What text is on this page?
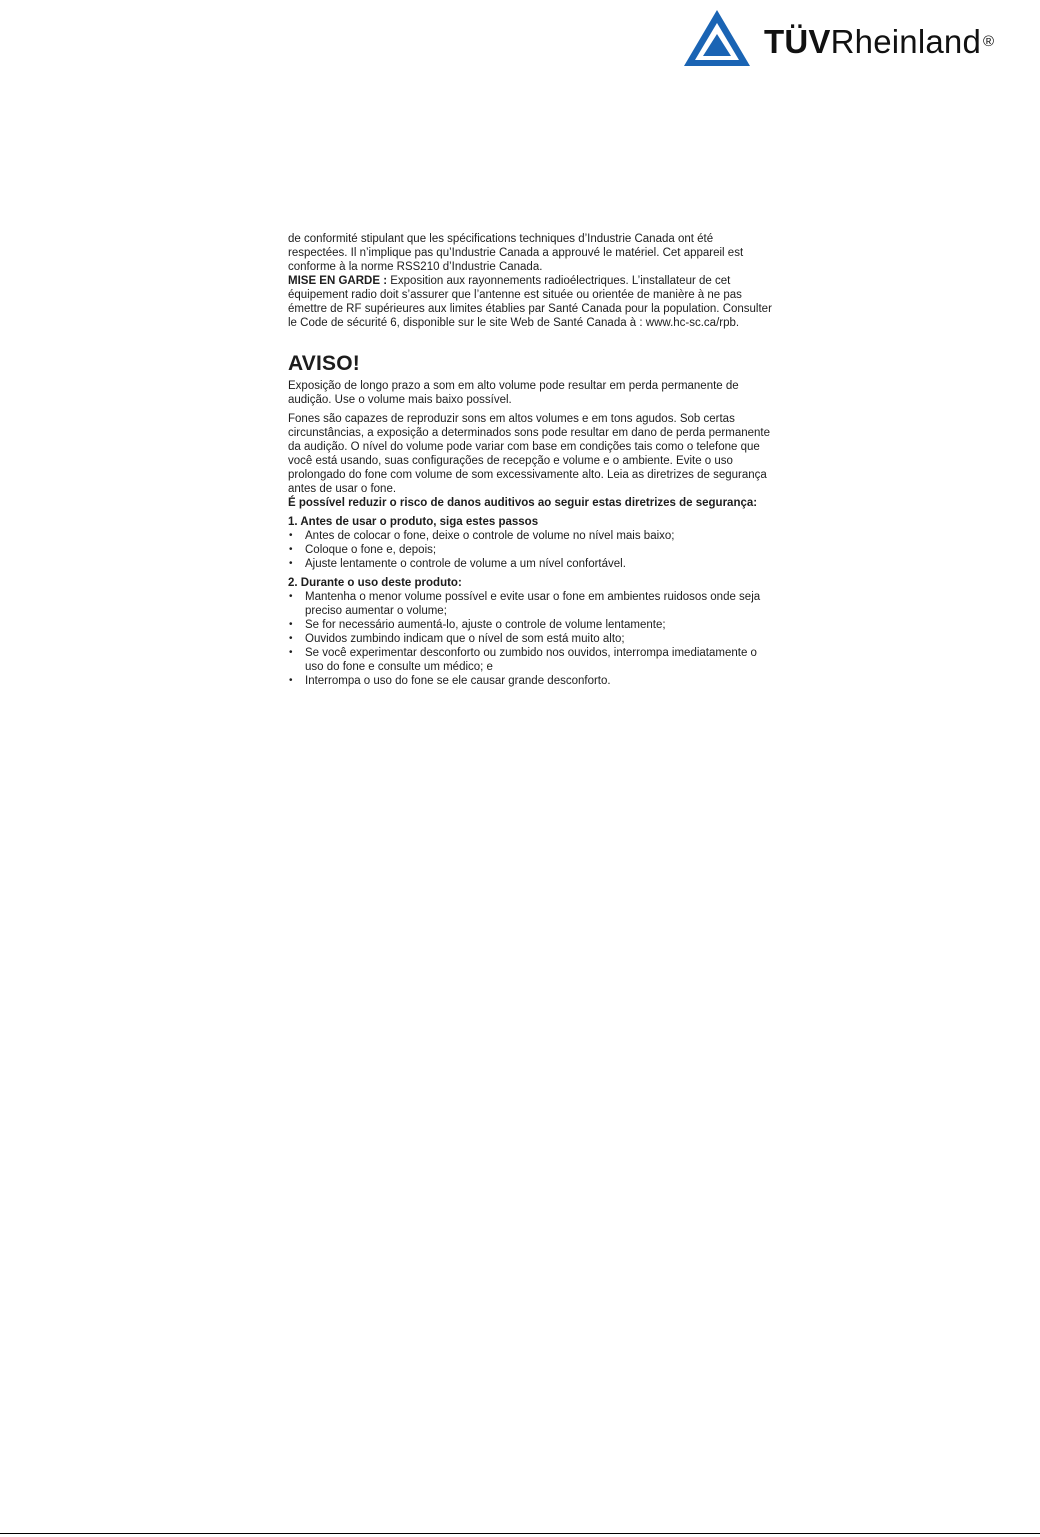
TÜVRheinland ®

de conformité stipulant que les spécifications techniques d’Industrie Canada ont été respectées. Il n’implique pas qu’Industrie Canada a approuvé le matériel. Cet appareil est conforme à la norme RSS210 d’Industrie Canada.

MISE EN GARDE : Exposition aux rayonnements radioélectriques. L’installateur de cet équipement radio doit s’assurer que l’antenne est située ou orientée de manière à ne pas émettre de RF supérieures aux limites établies par Santé Canada pour la population. Consulter le Code de sécurité 6, disponible sur le site Web de Santé Canada à : www.hc-sc.ca/rpb.

AVISO!

Exposição de longo prazo a som em alto volume pode resultar em perda permanente de audição. Use o volume mais baixo possível.

Fones são capazes de reproduzir sons em altos volumes e em tons agudos. Sob certas circunstâncias, a exposição a determinados sons pode resultar em dano de perda permanente da audição. O nível do volume pode variar com base em condições tais como o telefone que você está usando, suas configurações de recepção e volume e o ambiente. Evite o uso prolongado do fone com volume de som excessivamente alto. Leia as diretrizes de segurança antes de usar o fone.

É possível reduzir o risco de danos auditivos ao seguir estas diretrizes de segurança:

1. Antes de usar o produto, siga estes passos

• Antes de colocar o fone, deixe o controle de volume no nível mais baixo;
• Coloque o fone e, depois;
• Ajuste lentamente o controle de volume a um nível confortável.

2. Durante o uso deste produto:

• Mantenha o menor volume possível e evite usar o fone em ambientes ruidosos onde seja preciso aumentar o volume;
• Se for necessário aumentá-lo, ajuste o controle de volume lentamente;
• Ouvidos zumbindo indicam que o nível de som está muito alto;
• Se você experimentar desconforto ou zumbido nos ouvidos, interrompa imediatamente o uso do fone e consulte um médico; e
• Interrompa o uso do fone se ele causar grande desconforto.
